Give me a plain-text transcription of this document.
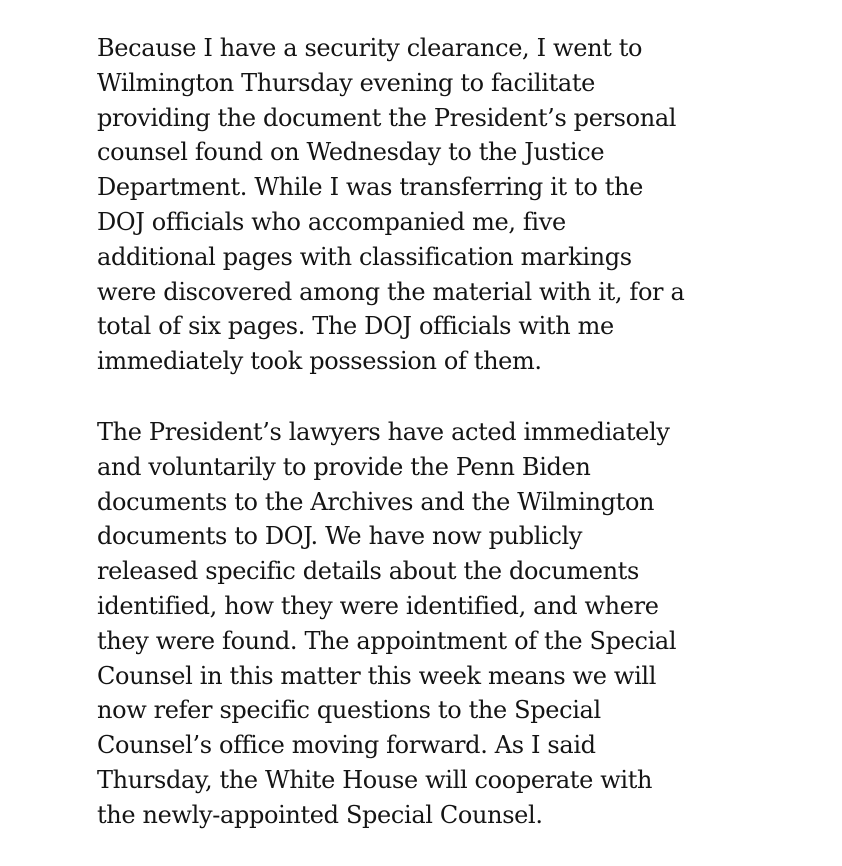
Because I have a security clearance, I went to
Wilmington Thursday evening to facilitate
providing the document the President’s personal
counsel found on Wednesday to the Justice
Department. While I was transferring it to the
DOJ officials who accompanied me, five
additional pages with classification markings
were discovered among the material with it, for a
total of six pages. The DOJ officials with me
immediately took possession of them.

The President’s lawyers have acted immediately
and voluntarily to provide the Penn Biden
documents to the Archives and the Wilmington
documents to DOJ. We have now publicly
released specific details about the documents
identified, how they were identified, and where
they were found. The appointment of the Special
Counsel in this matter this week means we will
now refer specific questions to the Special
Counsel’s office moving forward. As I said
Thursday, the White House will cooperate with
the newly-appointed Special Counsel.
